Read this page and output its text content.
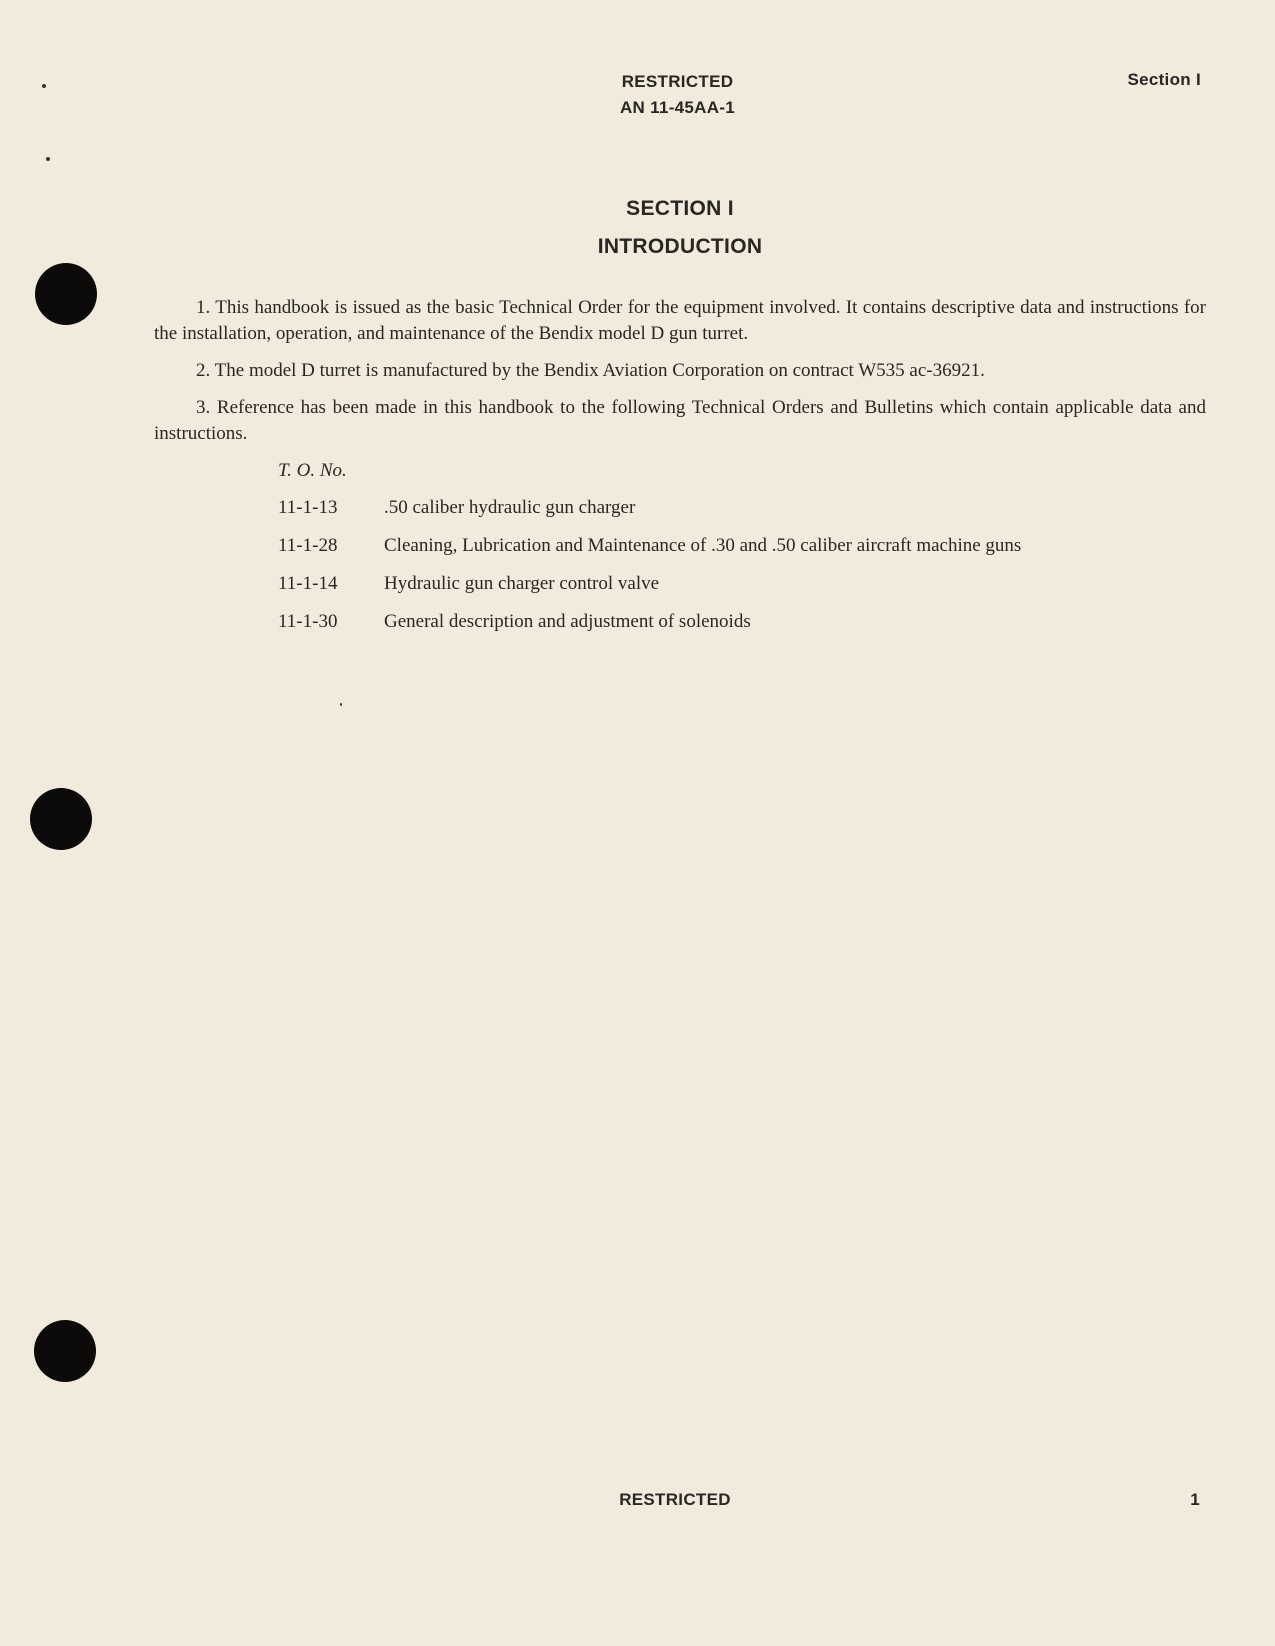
RESTRICTED
AN 11-45AA-1
Section I
SECTION I
INTRODUCTION
1. This handbook is issued as the basic Technical Order for the equipment involved. It contains descriptive data and instructions for the installation, operation, and maintenance of the Bendix model D gun turret.
2. The model D turret is manufactured by the Bendix Aviation Corporation on contract W535 ac-36921.
3. Reference has been made in this handbook to the following Technical Orders and Bulletins which contain applicable data and instructions.
T. O. No.
11-1-13 .50 caliber hydraulic gun charger
11-1-28 Cleaning, Lubrication and Maintenance of .30 and .50 caliber aircraft machine guns
11-1-14 Hydraulic gun charger control valve
11-1-30 General description and adjustment of solenoids
RESTRICTED	1
